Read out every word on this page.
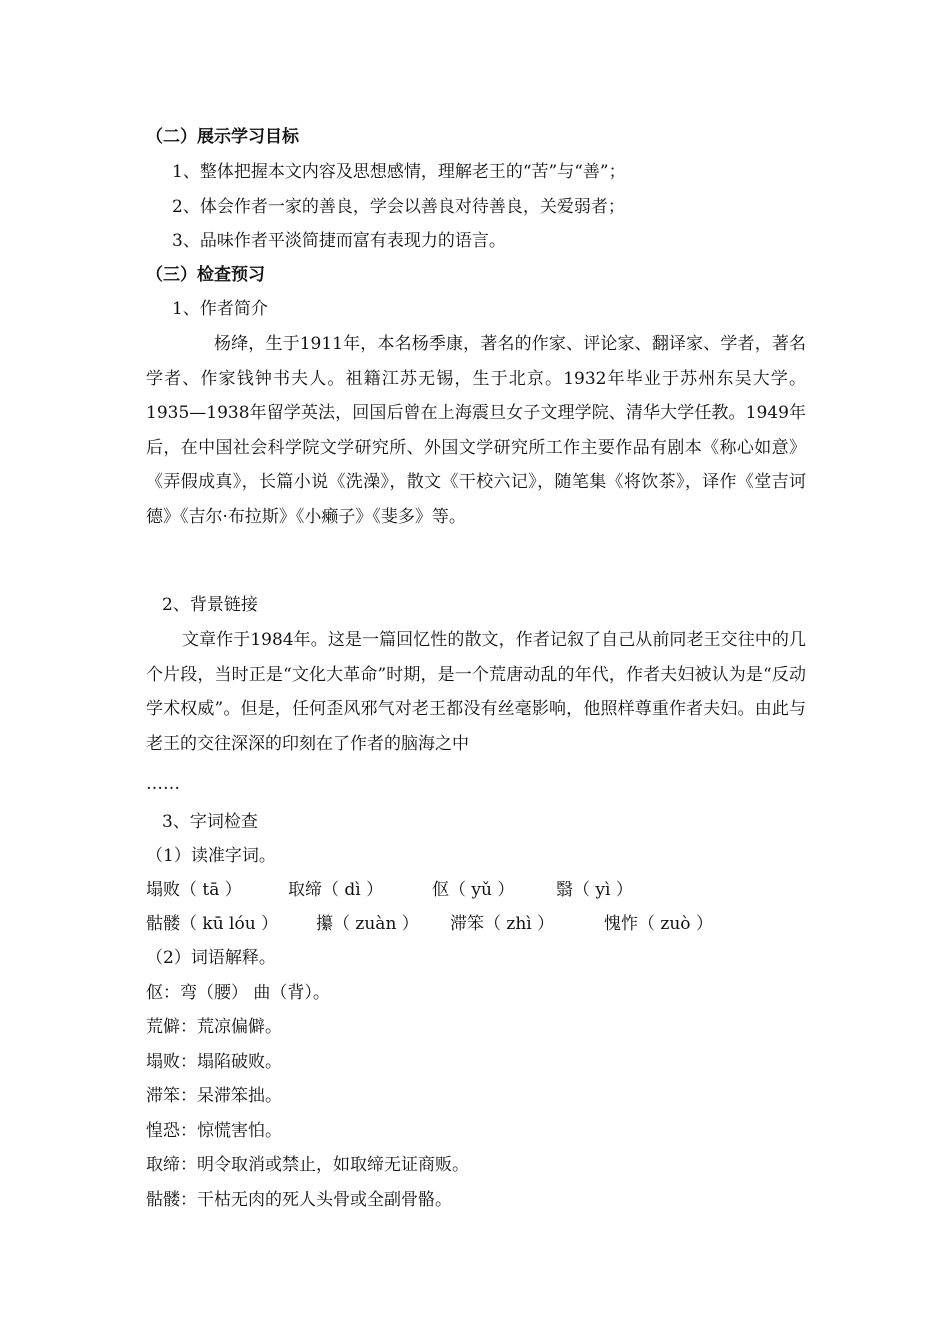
（二）展示学习目标
1、整体把握本文内容及思想感情，理解老王的“苦”与“善”；
2、体会作者一家的善良，学会以善良对待善良，关爱弱者；
3、品味作者平淡简捷而富有表现力的语言。
（三）检查预习
1、作者简介
杨绛，生于1911年，本名杨季康，著名的作家、评论家、翻译家、学者，著名学者、作家钱钟书夫人。祖籍江苏无锡，生于北京。1932年毕业于苏州东吴大学。1935—1938年留学英法，回国后曾在上海震旦女子文理学院、清华大学任教。1949年后，在中国社会科学院文学研究所、外国文学研究所工作主要作品有剧本《称心如意》《弄假成真》，长篇小说《洗澡》，散文《干校六记》，随笔集《将饮茶》，译作《堂吉诃德》《吉尔·布拉斯》《小癞子》《斐多》等。
2、背景链接
文章作于1984年。这是一篇回忆性的散文，作者记叙了自己从前同老王交往中的几个片段，当时正是“文化大革命”时期，是一个荒唐动乱的年代，作者夫妇被认为是“反动学术权威”。但是，任何歪风邪气对老王都没有丝毫影响，他照样尊重作者夫妇。由此与老王的交往深深的印刻在了作者的脑海之中
……
3、字词检查
（1）读准字词。
塌败（ tā ）	取缔（ dì ）	伛（ yǔ ） 翳（ yì ）
骷髅（ kū lóu ） 攥（ zuàn ） 滞笨（ zhì ）	愧怍（ zuò ）
（2）词语解释。
伛：弯（腰） 曲（背）。
荒僻：荒凉偏僻。
塌败：塌陷破败。
滞笨：呆滞笨拙。
惶恐：惊慌害怕。
取缔：明令取消或禁止，如取缔无证商贩。
骷髅：干枯无肉的死人头骨或全副骨骼。
